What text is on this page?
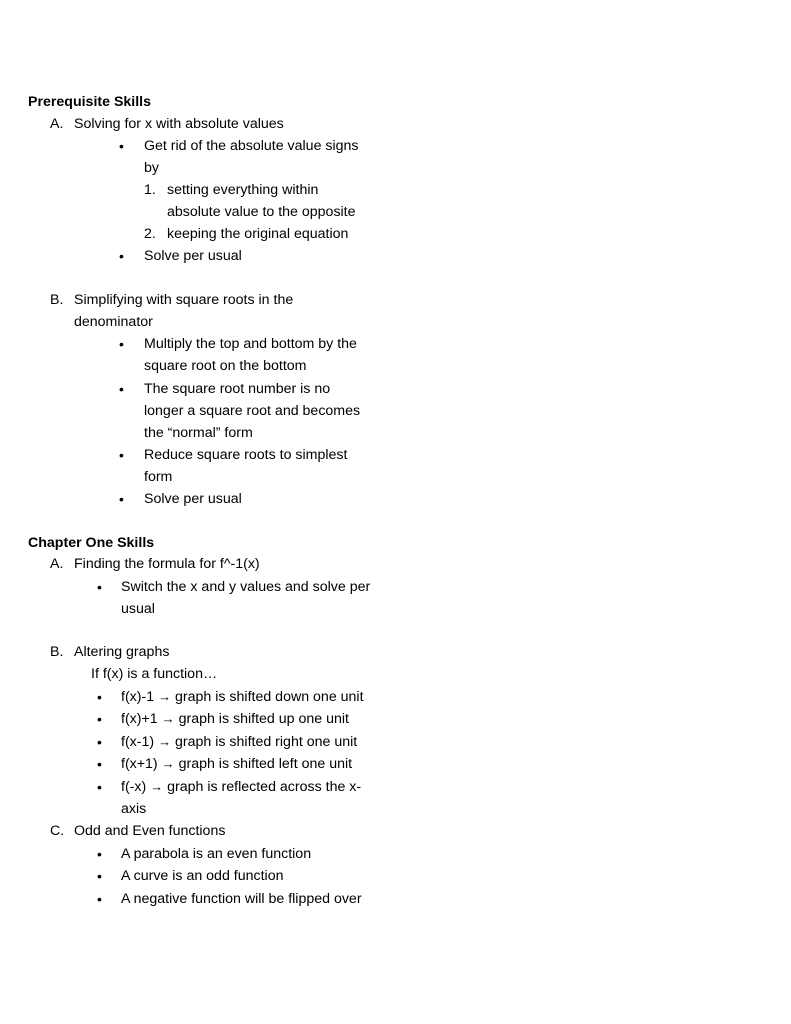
Prerequisite Skills
A. Solving for x with absolute values
• Get rid of the absolute value signs
by
1. setting everything within
absolute value to the opposite
2. keeping the original equation
• Solve per usual
B. Simplifying with square roots in the
denominator
• Multiply the top and bottom by the
square root on the bottom
• The square root number is no
longer a square root and becomes
the “normal” form
• Reduce square roots to simplest
form
• Solve per usual
Chapter One Skills
A. Finding the formula for f^-1(x)
• Switch the x and y values and solve per
usual
B. Altering graphs
If f(x) is a function…
• f(x)-1 → graph is shifted down one unit
• f(x)+1 → graph is shifted up one unit
• f(x-1) → graph is shifted right one unit
• f(x+1) → graph is shifted left one unit
• f(-x) → graph is reflected across the x-
axis
C. Odd and Even functions
• A parabola is an even function
• A curve is an odd function
• A negative function will be flipped over
